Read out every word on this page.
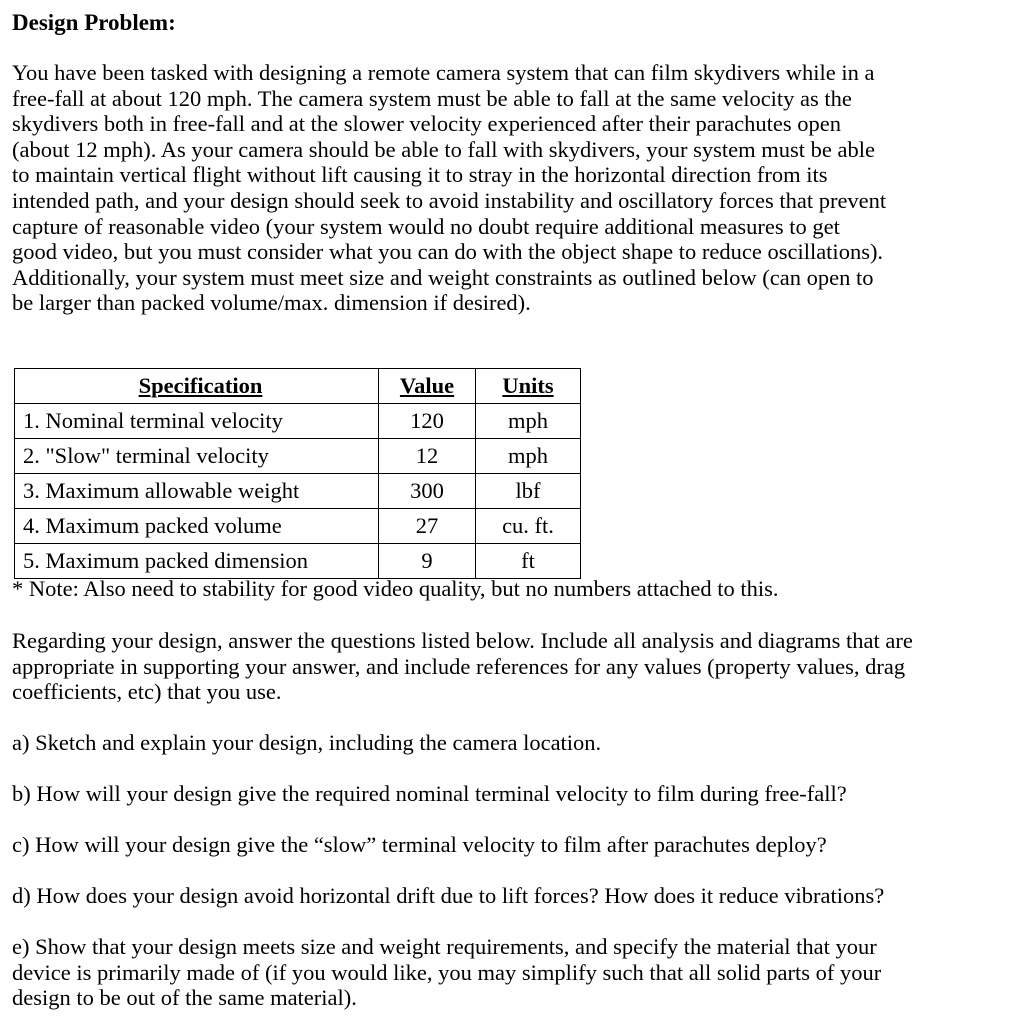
Design Problem:

You have been tasked with designing a remote camera system that can film skydivers while in a
free-fall at about 120 mph. The camera system must be able to fall at the same velocity as the
skydivers both in free-fall and at the slower velocity experienced after their parachutes open
(about 12 mph). As your camera should be able to fall with skydivers, your system must be able
to maintain vertical flight without lift causing it to stray in the horizontal direction from its
intended path, and your design should seek to avoid instability and oscillatory forces that prevent
capture of reasonable video (your system would no doubt require additional measures to get
good video, but you must consider what you can do with the object shape to reduce oscillations).
Additionally, your system must meet size and weight constraints as outlined below (can open to
be larger than packed volume/max. dimension if desired).

Specification	Value	Units
1. Nominal terminal velocity	120	mph
2. "Slow" terminal velocity	12	mph
3. Maximum allowable weight	300	lbf
4. Maximum packed volume	27	cu. ft.
5. Maximum packed dimension	9	ft

* Note: Also need to stability for good video quality, but no numbers attached to this.

Regarding your design, answer the questions listed below. Include all analysis and diagrams that are appropriate in supporting your answer, and include references for any values (property values, drag coefficients, etc) that you use.

a) Sketch and explain your design, including the camera location.

b) How will your design give the required nominal terminal velocity to film during free-fall?

c) How will your design give the “slow” terminal velocity to film after parachutes deploy?

d) How does your design avoid horizontal drift due to lift forces? How does it reduce vibrations?

e) Show that your design meets size and weight requirements, and specify the material that your
device is primarily made of (if you would like, you may simplify such that all solid parts of your
design to be out of the same material).
